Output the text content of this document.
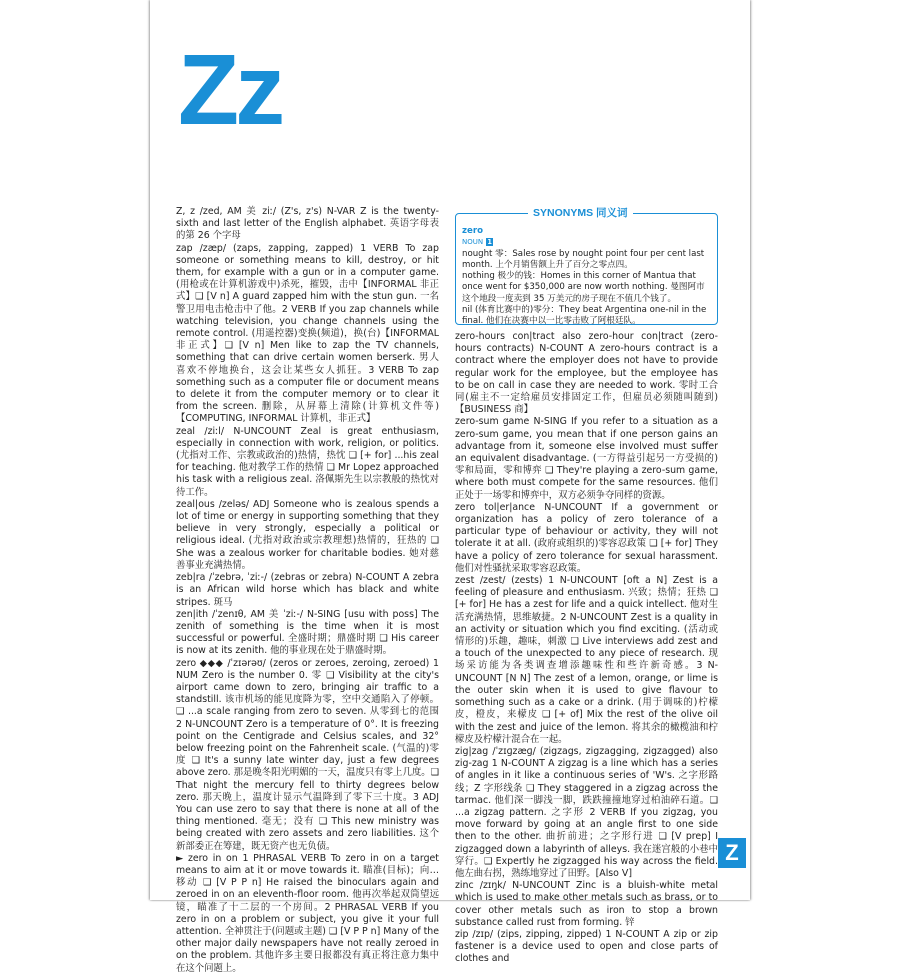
Zz

Z, z /zed, AM 美 ziː/ (Z's, z's) N-VAR Z is the twenty-sixth and last letter of the English alphabet. 英语字母表的第 26 个字母

zap /zæp/ (zaps, zapping, zapped) 1 VERB To zap someone or something means to kill, destroy, or hit them, for example with a gun or in a computer game. (用枪或在计算机游戏中)杀死，摧毁，击中【INFORMAL 非正式】❑ [V n] A guard zapped him with the stun gun. 一名警卫用电击枪击中了他。2 VERB If you zap channels while watching television, you change channels using the remote control. (用遥控器)变换(频道)，换(台)【INFORMAL 非正式】❑ [V n] Men like to zap the TV channels, something that can drive certain women berserk. 男人喜欢不停地换台，这会让某些女人抓狂。3 VERB To zap something such as a computer file or document means to delete it from the computer memory or to clear it from the screen. 删除，从屏幕上清除(计算机文件等)【COMPUTING, INFORMAL 计算机，非正式】

zeal /ziːl/ N-UNCOUNT Zeal is great enthusiasm, especially in connection with work, religion, or politics. (尤指对工作、宗教或政治的)热情，热忱 ❑ [+ for] ...his zeal for teaching. 他对教学工作的热情 ❑ Mr Lopez approached his task with a religious zeal. 洛佩斯先生以宗教般的热忱对待工作。

zeal|ous /zeləs/ ADJ Someone who is zealous spends a lot of time or energy in supporting something that they believe in very strongly, especially a political or religious ideal. (尤指对政治或宗教理想)热情的，狂热的 ❑ She was a zealous worker for charitable bodies. 她对慈善事业充满热情。

zeb|ra /ˈzebrə, ˈziː-/ (zebras or zebra) N-COUNT A zebra is an African wild horse which has black and white stripes. 斑马

zen|ith /ˈzenɪθ, AM 美 ˈziː-/ N-SING [usu with poss] The zenith of something is the time when it is most successful or powerful. 全盛时期；鼎盛时期 ❑ His career is now at its zenith. 他的事业现在处于鼎盛时期。

zero ◆◆◆ /ˈzɪərəʊ/ (zeros or zeroes, zeroing, zeroed) 1 NUM Zero is the number 0. 零 ❑ Visibility at the city's airport came down to zero, bringing air traffic to a standstill. 该市机场的能见度降为零，空中交通陷入了停顿。❑ ...a scale ranging from zero to seven. 从零到七的范围 2 N-UNCOUNT Zero is a temperature of 0°. It is freezing point on the Centigrade and Celsius scales, and 32° below freezing point on the Fahrenheit scale. (气温的)零度 ❑ It's a sunny late winter day, just a few degrees above zero. 那是晚冬阳光明媚的一天，温度只有零上几度。❑ That night the mercury fell to thirty degrees below zero. 那天晚上，温度计显示气温降到了零下三十度。3 ADJ You can use zero to say that there is none at all of the thing mentioned. 毫无；没有 ❑ This new ministry was being created with zero assets and zero liabilities. 这个新部委正在筹建，既无资产也无负债。

► zero in on 1 PHRASAL VERB To zero in on a target means to aim at it or move towards it. 瞄准(目标)；向…移动 ❑ [V P P n] He raised the binoculars again and zeroed in on an eleventh-floor room. 他再次举起双筒望远镜，瞄准了十二层的一个房间。2 PHRASAL VERB If you zero in on a problem or subject, you give it your full attention. 全神贯注于(问题或主题) ❑ [V P P n] Many of the other major daily newspapers have not really zeroed in on the problem. 其他许多主要日报都没有真正将注意力集中在这个问题上。

zero
NOUN 1
nought 零：Sales rose by nought point four per cent last month. 上个月销售额上升了百分之零点四。
nothing 极少的钱：Homes in this corner of Mantua that once went for $350,000 are now worth nothing. 曼图阿市这个地段一度卖到 35 万美元的房子现在不值几个钱了。
nil (体育比赛中的)零分：They beat Argentina one-nil in the final. 他们在决赛中以一比零击败了阿根廷队。
SYNONYMS 同义词

zero-hours con|tract also zero-hour con|tract (zero-hours contracts) N-COUNT A zero-hours contract is a contract where the employer does not have to provide regular work for the employee, but the employee has to be on call in case they are needed to work. 零时工合同(雇主不一定给雇员安排固定工作，但雇员必须随叫随到)【BUSINESS 商】

zero-sum game N-SING If you refer to a situation as a zero-sum game, you mean that if one person gains an advantage from it, someone else involved must suffer an equivalent disadvantage. (一方得益引起另一方受损的)零和局面，零和博弈 ❑ They're playing a zero-sum game, where both must compete for the same resources. 他们正处于一场零和博弈中，双方必须争夺同样的资源。

zero tol|er|ance N-UNCOUNT If a government or organization has a policy of zero tolerance of a particular type of behaviour or activity, they will not tolerate it at all. (政府或组织的)零容忍政策 ❑ [+ for] They have a policy of zero tolerance for sexual harassment. 他们对性骚扰采取零容忍政策。

zest /zest/ (zests) 1 N-UNCOUNT [oft a N] Zest is a feeling of pleasure and enthusiasm. 兴致；热情；狂热 ❑ [+ for] He has a zest for life and a quick intellect. 他对生活充满热情，思维敏捷。2 N-UNCOUNT Zest is a quality in an activity or situation which you find exciting. (活动或情形的)乐趣，趣味，刺激 ❑ Live interviews add zest and a touch of the unexpected to any piece of research. 现场采访能为各类调查增添趣味性和些许新奇感。3 N-UNCOUNT [N N] The zest of a lemon, orange, or lime is the outer skin when it is used to give flavour to something such as a cake or a drink. (用于调味的)柠檬皮，橙皮，来檬皮 ❑ [+ of] Mix the rest of the olive oil with the zest and juice of the lemon. 将其余的橄榄油和柠檬皮及柠檬汁混合在一起。

zig|zag /ˈzɪɡzæɡ/ (zigzags, zigzagging, zigzagged) also zig-zag 1 N-COUNT A zigzag is a line which has a series of angles in it like a continuous series of 'W's. 之字形路线；Z 字形线条 ❑ They staggered in a zigzag across the tarmac. 他们深一脚浅一脚，跌跌撞撞地穿过柏油碎石道。❑ ...a zigzag pattern. 之字形 2 VERB If you zigzag, you move forward by going at an angle first to one side then to the other. 曲折前进；之字形行进 ❑ [V prep] I zigzagged down a labyrinth of alleys. 我在迷宫般的小巷中穿行。❑ Expertly he zigzagged his way across the field. 他左曲右拐，熟练地穿过了田野。[Also V]

zinc /zɪŋk/ N-UNCOUNT Zinc is a bluish-white metal which is used to make other metals such as brass, or to cover other metals such as iron to stop a brown substance called rust from forming. 锌

zip /zɪp/ (zips, zipping, zipped) 1 N-COUNT A zip or zip fastener is a device used to open and close parts of clothes and

Z
